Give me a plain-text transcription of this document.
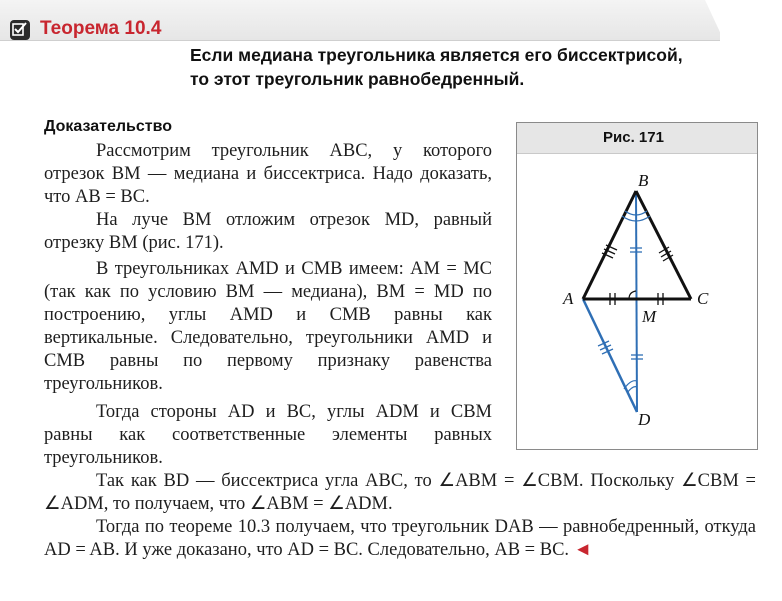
Теорема 10.4
Если медиана треугольника является его биссектрисой,
то этот треугольник равнобедренный.
Доказательство

Рассмотрим треугольник ABC, у которого отрезок BM — медиана и биссектриса. Надо доказать, что AB = BC.

На луче BM отложим отрезок MD, равный отрезку BM (рис. 171).

В треугольниках AMD и CMB имеем: AM = MC (так как по условию BM — медиана), BM = MD по построению, углы AMD и CMB равны как вертикальные. Следовательно, треугольники AMD и CMB равны по первому признаку равенства треугольников.

Тогда стороны AD и BC, углы ADM и CBM равны как соответственные элементы равных треугольников.

Так как BD — биссектриса угла ABC, то ∠ABM = ∠CBM. Поскольку ∠CBM = ∠ADM, то получаем, что ∠ABM = ∠ADM.

Тогда по теореме 10.3 получаем, что треугольник DAB — равнобедренный, откуда AD = AB. И уже доказано, что AD = BC. Следовательно, AB = BC. ◄

Рис. 171
B
A	C
M
D
